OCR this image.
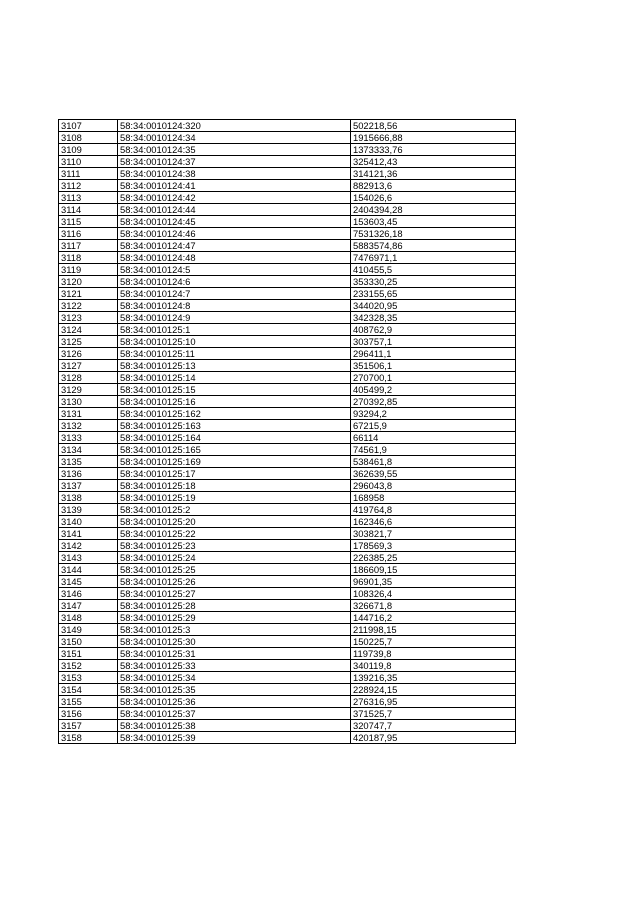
3107	58:34:0010124:320	502218,56
3108	58:34:0010124:34	1915666,88
3109	58:34:0010124:35	1373333,76
3110	58:34:0010124:37	325412,43
3111	58:34:0010124:38	314121,36
3112	58:34:0010124:41	882913,6
3113	58:34:0010124:42	154026,6
3114	58:34:0010124:44	2404394,28
3115	58:34:0010124:45	153603,45
3116	58:34:0010124:46	7531326,18
3117	58:34:0010124:47	5883574,86
3118	58:34:0010124:48	7476971,1
3119	58:34:0010124:5	410455,5
3120	58:34:0010124:6	353330,25
3121	58:34:0010124:7	233155,65
3122	58:34:0010124:8	344020,95
3123	58:34:0010124:9	342328,35
3124	58:34:0010125:1	408762,9
3125	58:34:0010125:10	303757,1
3126	58:34:0010125:11	296411,1
3127	58:34:0010125:13	351506,1
3128	58:34:0010125:14	270700,1
3129	58:34:0010125:15	405499,2
3130	58:34:0010125:16	270392,85
3131	58:34:0010125:162	93294,2
3132	58:34:0010125:163	67215,9
3133	58:34:0010125:164	66114
3134	58:34:0010125:165	74561,9
3135	58:34:0010125:169	538461,8
3136	58:34:0010125:17	362639,55
3137	58:34:0010125:18	296043,8
3138	58:34:0010125:19	168958
3139	58:34:0010125:2	419764,8
3140	58:34:0010125:20	162346,6
3141	58:34:0010125:22	303821,7
3142	58:34:0010125:23	178569,3
3143	58:34:0010125:24	226385,25
3144	58:34:0010125:25	186609,15
3145	58:34:0010125:26	96901,35
3146	58:34:0010125:27	108326,4
3147	58:34:0010125:28	326671,8
3148	58:34:0010125:29	144716,2
3149	58:34:0010125:3	211998,15
3150	58:34:0010125:30	150225,7
3151	58:34:0010125:31	119739,8
3152	58:34:0010125:33	340119,8
3153	58:34:0010125:34	139216,35
3154	58:34:0010125:35	228924,15
3155	58:34:0010125:36	276316,95
3156	58:34:0010125:37	371525,7
3157	58:34:0010125:38	320747,7
3158	58:34:0010125:39	420187,95
